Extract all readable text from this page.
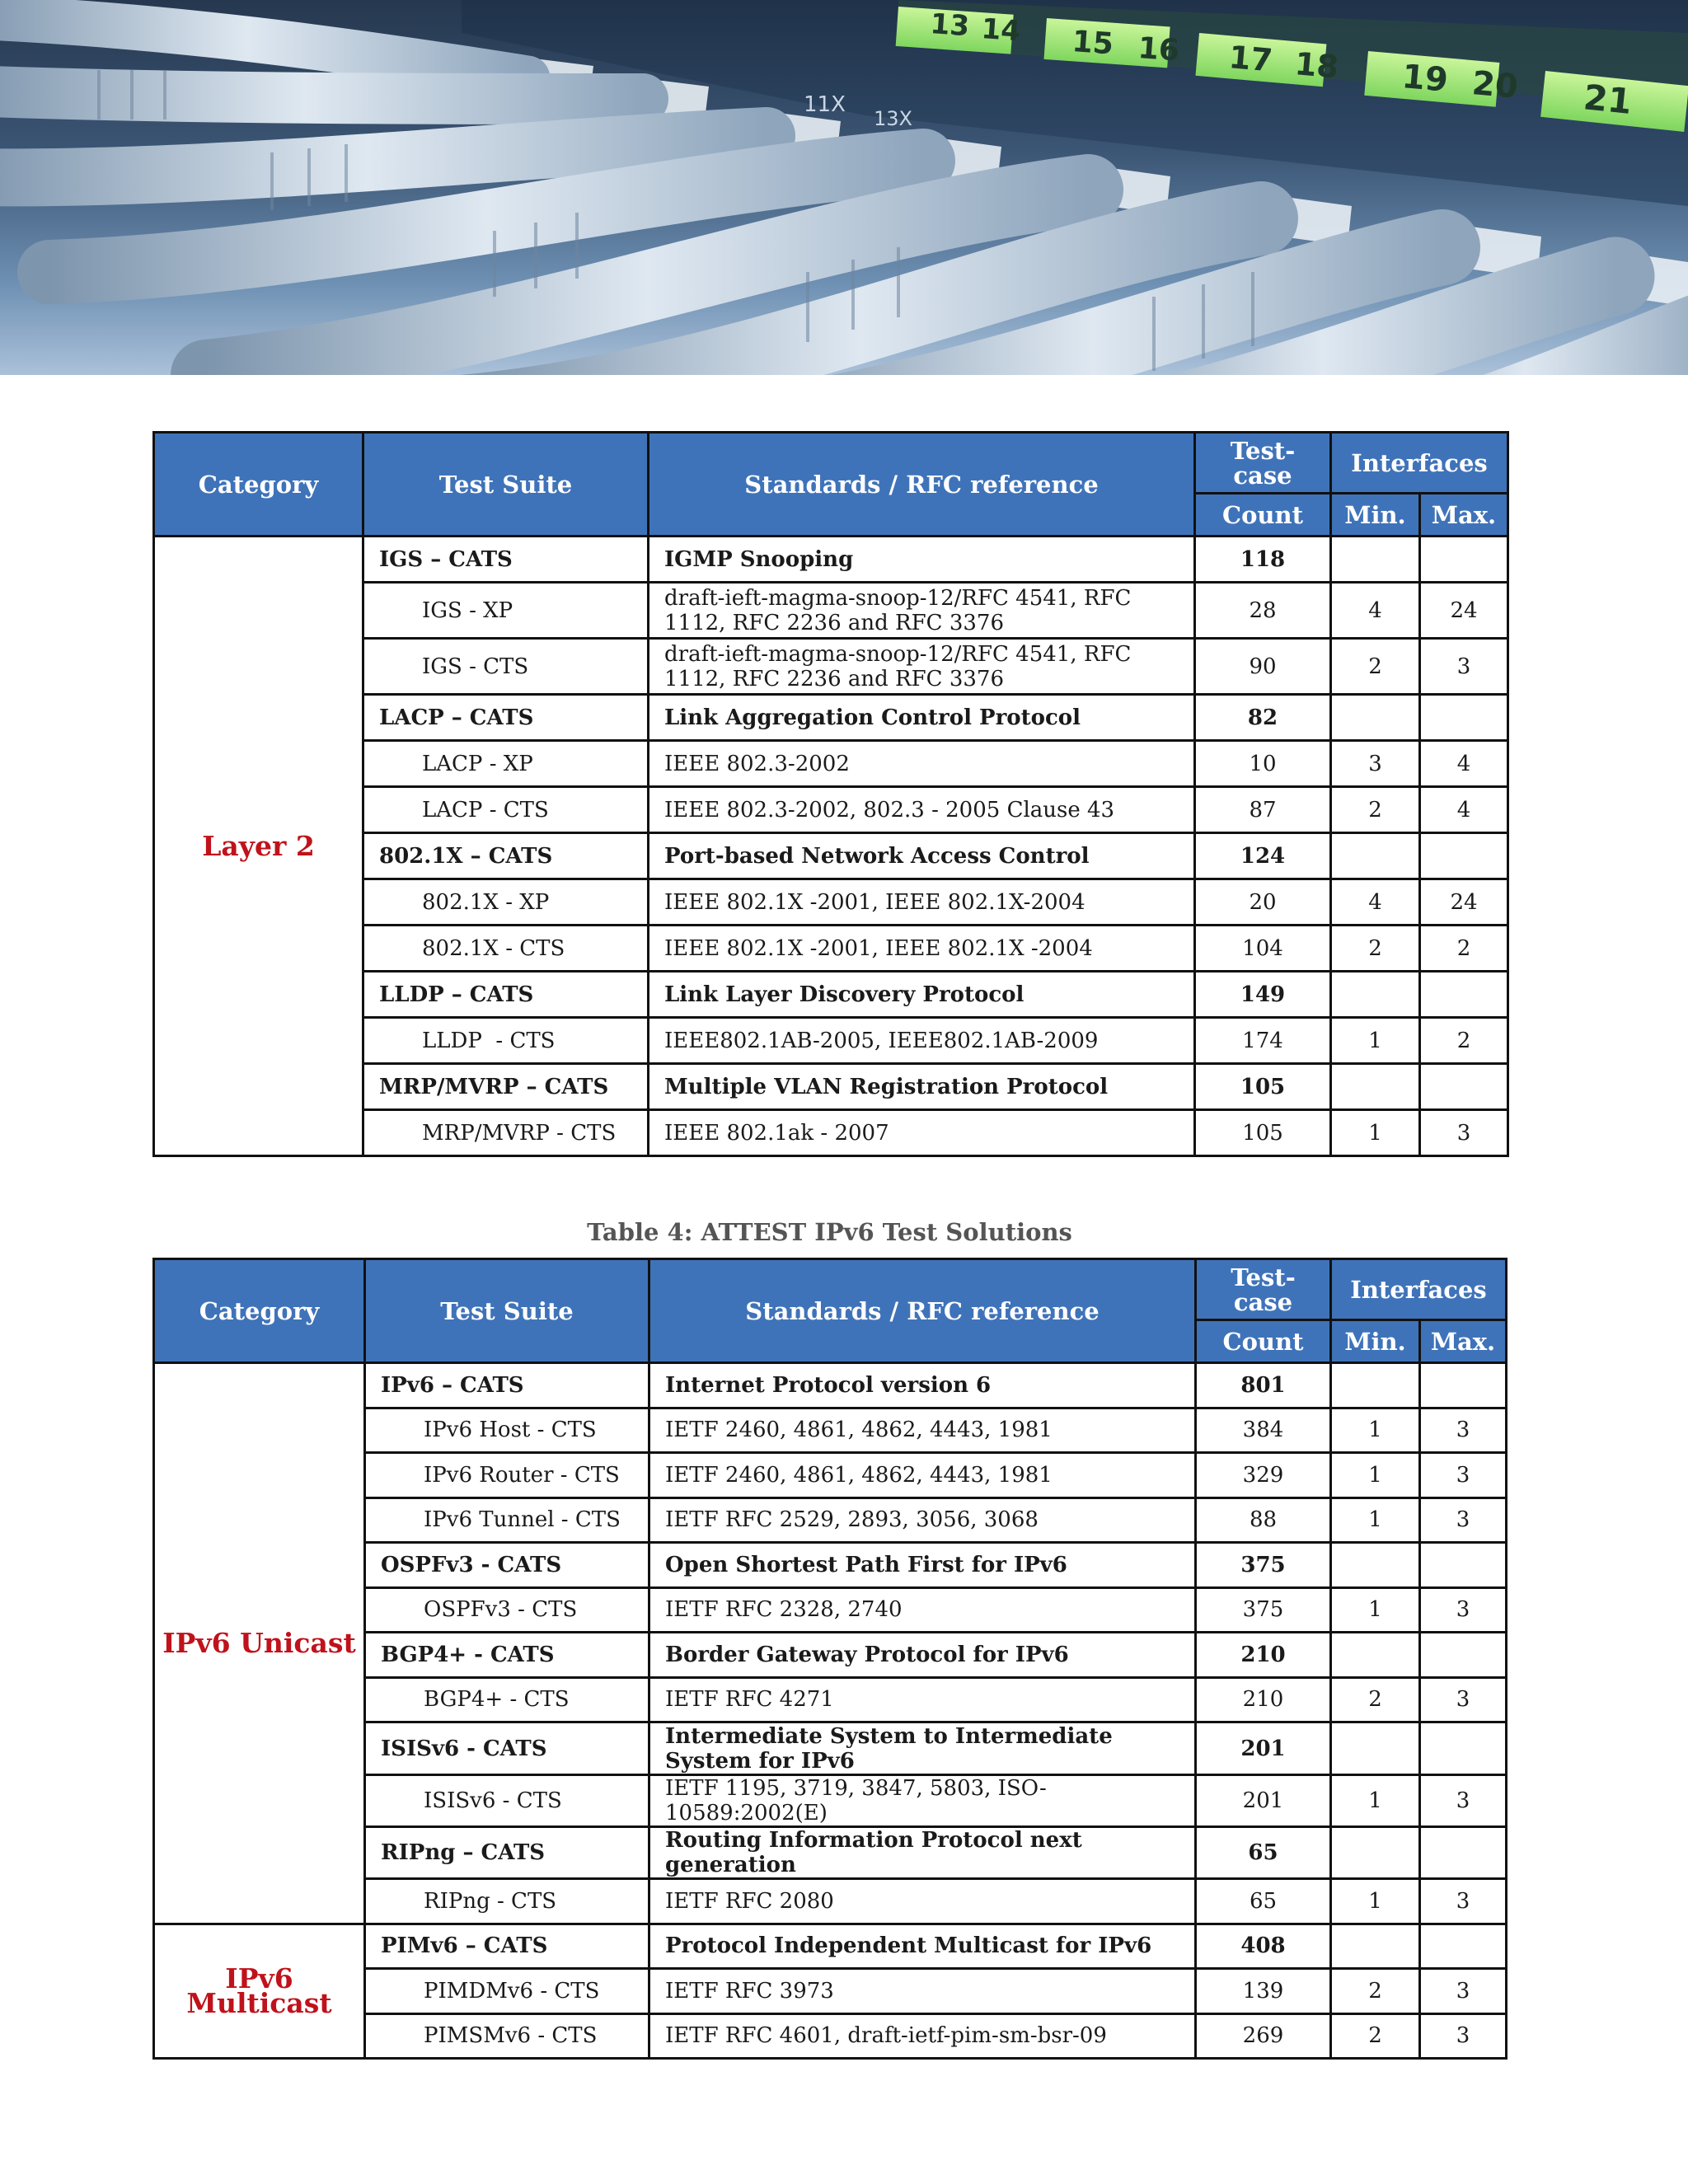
13 14 15 16 17 18 19 20 21
11X
13X
Category	Test Suite	Standards / RFC reference	Test-
case	Interfaces	
			Count	Min.	Max.
Layer 2	IGS – CATS	IGMP Snooping	118		
	IGS - XP	draft-ieft-magma-snoop-12/RFC 4541, RFC 1112, RFC 2236 and RFC 3376	28	4	24
	IGS - CTS	draft-ieft-magma-snoop-12/RFC 4541, RFC 1112, RFC 2236 and RFC 3376	90	2	3
	LACP – CATS	Link Aggregation Control Protocol	82		
	LACP - XP	IEEE 802.3-2002	10	3	4
	LACP - CTS	IEEE 802.3-2002, 802.3 - 2005 Clause 43	87	2	4
	802.1X – CATS	Port-based Network Access Control	124		
	802.1X - XP	IEEE 802.1X -2001, IEEE 802.1X-2004	20	4	24
	802.1X - CTS	IEEE 802.1X -2001, IEEE 802.1X -2004	104	2	2
	LLDP – CATS	Link Layer Discovery Protocol	149		
	LLDP  - CTS	IEEE802.1AB-2005, IEEE802.1AB-2009	174	1	2
	MRP/MVRP – CATS	Multiple VLAN Registration Protocol	105		
	MRP/MVRP - CTS	IEEE 802.1ak - 2007	105	1	3
Table 4: ATTEST IPv6 Test Solutions
Category	Test Suite	Standards / RFC reference	Test-
case	Interfaces	
			Count	Min.	Max.
IPv6 Unicast	IPv6 – CATS	Internet Protocol version 6	801		
	IPv6 Host - CTS	IETF 2460, 4861, 4862, 4443, 1981	384	1	3
	IPv6 Router - CTS	IETF 2460, 4861, 4862, 4443, 1981	329	1	3
	IPv6 Tunnel - CTS	IETF RFC 2529, 2893, 3056, 3068	88	1	3
	OSPFv3 - CATS	Open Shortest Path First for IPv6	375		
	OSPFv3 - CTS	IETF RFC 2328, 2740	375	1	3
	BGP4+ - CATS	Border Gateway Protocol for IPv6	210		
	BGP4+ - CTS	IETF RFC 4271	210	2	3
	ISISv6 - CATS	Intermediate System to Intermediate System for IPv6	201		
	ISISv6 - CTS	IETF 1195, 3719, 3847, 5803, ISO-10589:2002(E)	201	1	3
	RIPng – CATS	Routing Information Protocol next generation	65		
	RIPng - CTS	IETF RFC 2080	65	1	3
IPv6 Multicast	PIMv6 – CATS	Protocol Independent Multicast for IPv6	408		
	PIMDMv6 - CTS	IETF RFC 3973	139	2	3
	PIMSMv6 - CTS	IETF RFC 4601, draft-ietf-pim-sm-bsr-09	269	2	3
